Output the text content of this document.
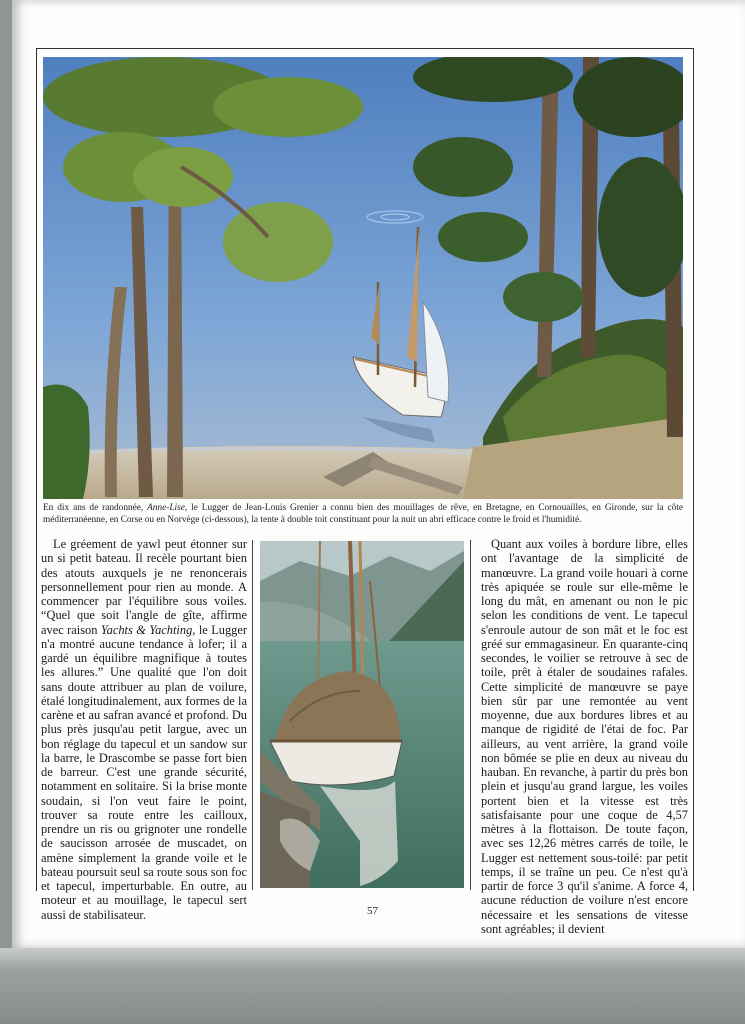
En dix ans de randonnée, Anne-Lise, le Lugger de Jean-Louis Grenier a connu bien des mouillages de rêve, en Bretagne, en Cornouailles, en Gironde, sur la côte méditerranéenne, en Corse ou en Norvège (ci-dessous), la tente à double toit constituant pour la nuit un abri efficace contre le froid et l'humidité.

Le gréement de yawl peut étonner sur un si petit bateau. Il recèle pourtant bien des atouts auxquels je ne renoncerais personnellement pour rien au monde. A commencer par l'équilibre sous voiles. “Quel que soit l'angle de gîte, affirme avec raison Yachts & Yachting, le Lugger n'a montré aucune tendance à lofer; il a gardé un équilibre magnifique à toutes les allures.” Une qualité que l'on doit sans doute attribuer au plan de voilure, étalé longitudinalement, aux formes de la carène et au safran avancé et profond. Du plus près jusqu'au petit largue, avec un bon réglage du tapecul et un sandow sur la barre, le Drascombe se passe fort bien de barreur. C'est une grande sécurité, notamment en solitaire. Si la brise monte soudain, si l'on veut faire le point, trouver sa route entre les cailloux, prendre un ris ou grignoter une rondelle de saucisson arrosée de muscadet, on amène simplement la grande voile et le bateau poursuit seul sa route sous son foc et tapecul, imperturbable. En outre, au moteur et au mouillage, le tapecul sert aussi de stabilisateur.

Quant aux voiles à bordure libre, elles ont l'avantage de la simplicité de manœuvre. La grand voile houari à corne très apiquée se roule sur elle-même le long du mât, en amenant ou non le pic selon les conditions de vent. Le tapecul s'enroule autour de son mât et le foc est gréé sur emmagasineur. En quarante-cinq secondes, le voilier se retrouve à sec de toile, prêt à étaler de soudaines rafales. Cette simplicité de manœuvre se paye bien sûr par une remontée au vent moyenne, due aux bordures libres et au manque de rigidité de l'étai de foc. Par ailleurs, au vent arrière, la grand voile non bômée se plie en deux au niveau du hauban. En revanche, à partir du près bon plein et jusqu'au grand largue, les voiles portent bien et la vitesse est très satisfaisante pour une coque de 4,57 mètres à la flottaison. De toute façon, avec ses 12,26 mètres carrés de toile, le Lugger est nettement sous-toilé: par petit temps, il se traîne un peu. Ce n'est qu'à partir de force 3 qu'il s'anime. A force 4, aucune réduction de voilure n'est encore nécessaire et les sensations de vitesse sont agréables; il devient

57
